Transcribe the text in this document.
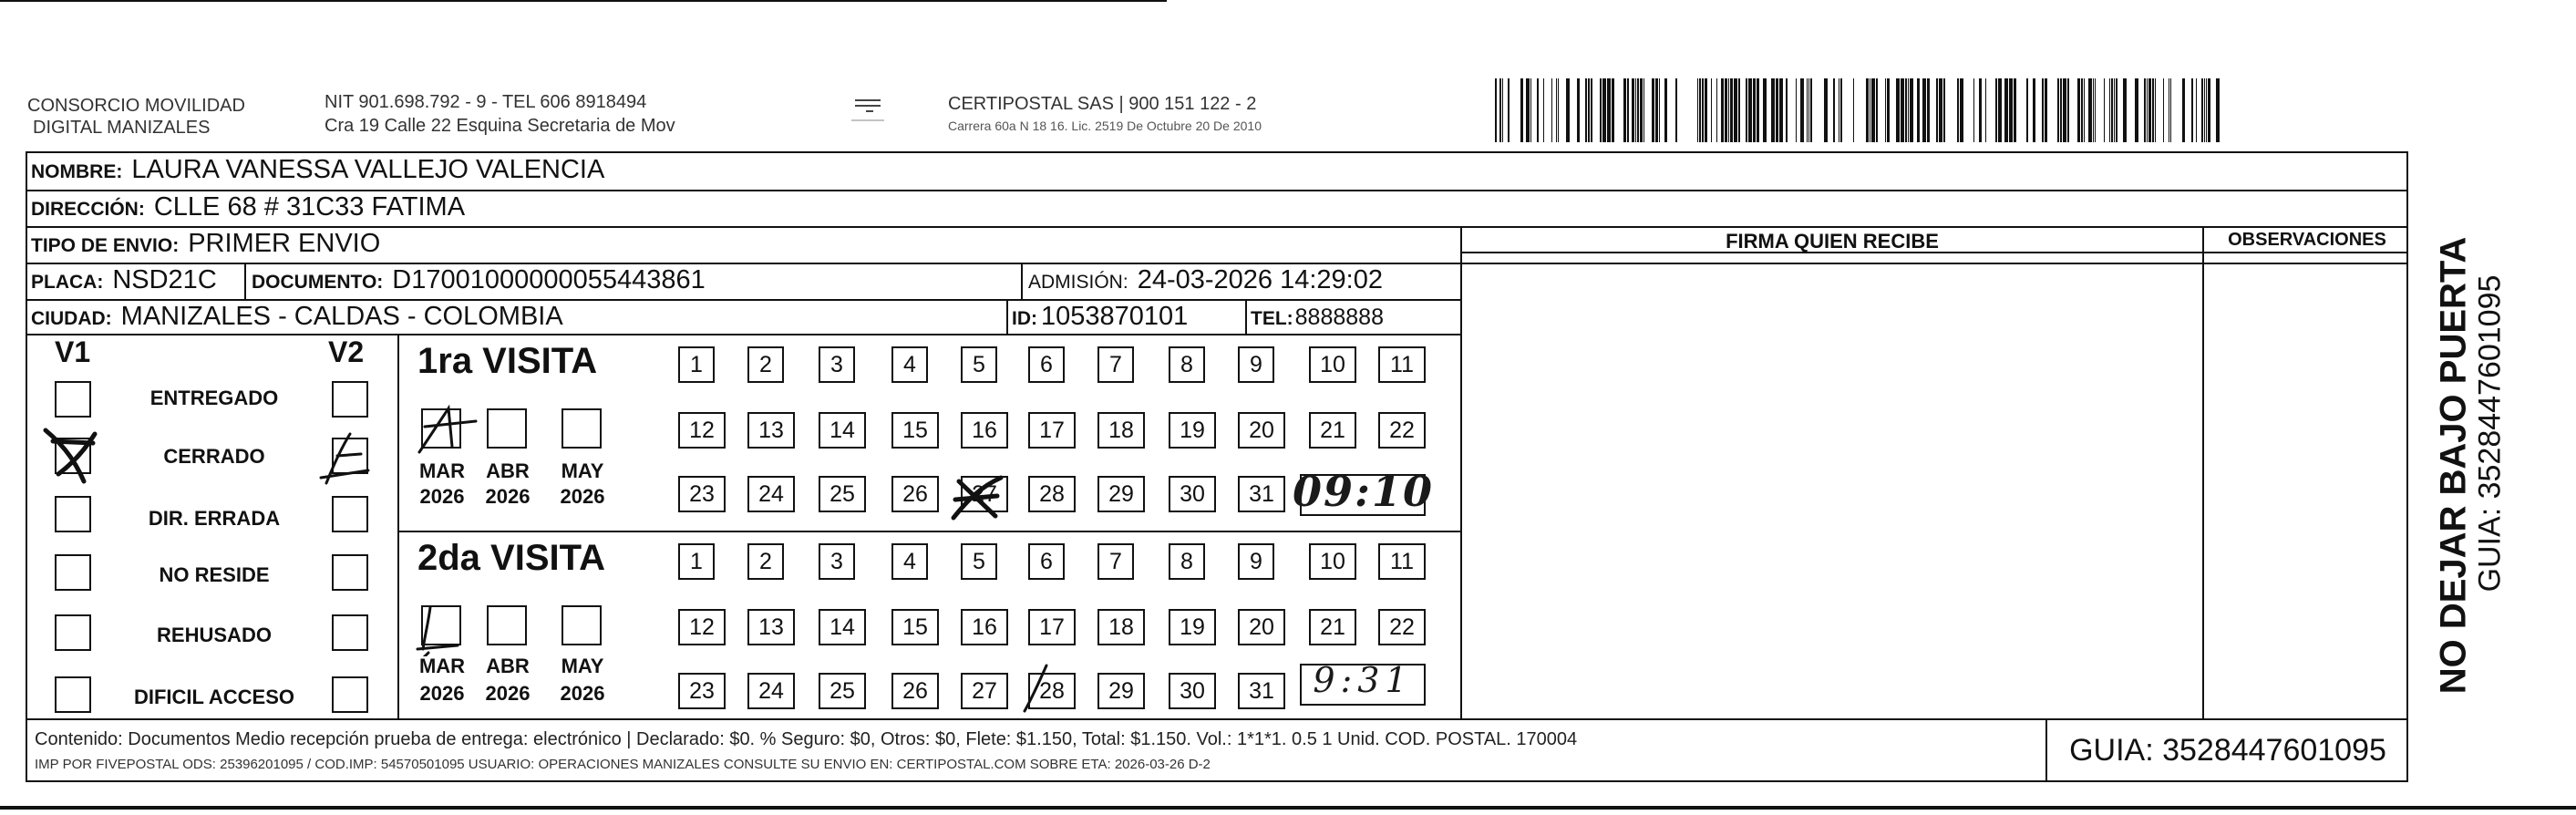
CONSORCIO MOVILIDAD
DIGITAL MANIZALES
NIT 901.698.792 - 9 - TEL 606 8918494
Cra 19 Calle 22 Esquina Secretaria de Mov
CERTIPOSTAL SAS | 900 151 122 - 2
Carrera 60a N 18 16. Lic. 2519 De Octubre 20 De 2010
NOMBRE: LAURA VANESSA VALLEJO VALENCIA
DIRECCIÓN: CLLE 68 # 31C33 FATIMA
TIPO DE ENVIO: PRIMER ENVIO
PLACA: NSD21C DOCUMENTO: D17001000000055443861	ADMISIÓN: 24-03-2026 14:29:02
CIUDAD: MANIZALES - CALDAS - COLOMBIA	ID: 1053870101	TEL: 8888888
FIRMA QUIEN RECIBE	OBSERVACIONES
V1	V2
ENTREGADO
CERRADO
DIR. ERRADA
NO RESIDE
REHUSADO
DIFICIL ACCESO
1ra VISITA
MAR	ABR	MAY
2026	2026	2026
1	2	3	4	5	6	7	8	9	10	11
12	13	14	15	16	17	18	19	20	21	22
23	24	25	26	27	28	29	30	31 09:10
2da VISITA
MAR	ABR	MAY
2026	2026	2026
1	2	3	4	5	6	7	8	9	10	11
12	13	14	15	16	17	18	19	20	21	22
23	24	25	26	27	28	29	30	31	9:31
Contenido: Documentos Medio recepción prueba de entrega: electrónico | Declarado: $0. % Seguro: $0, Otros: $0, Flete: $1.150, Total: $1.150. Vol.: 1*1*1. 0.5 1 Unid. COD. POSTAL. 170004
IMP POR FIVEPOSTAL ODS: 25396201095 / COD.IMP: 54570501095 USUARIO: OPERACIONES MANIZALES CONSULTE SU ENVIO EN: CERTIPOSTAL.COM SOBRE ETA: 2026-03-26 D-2	GUIA: 3528447601095
NO DEJAR BAJO PUERTA GUIA: 3528447601095
